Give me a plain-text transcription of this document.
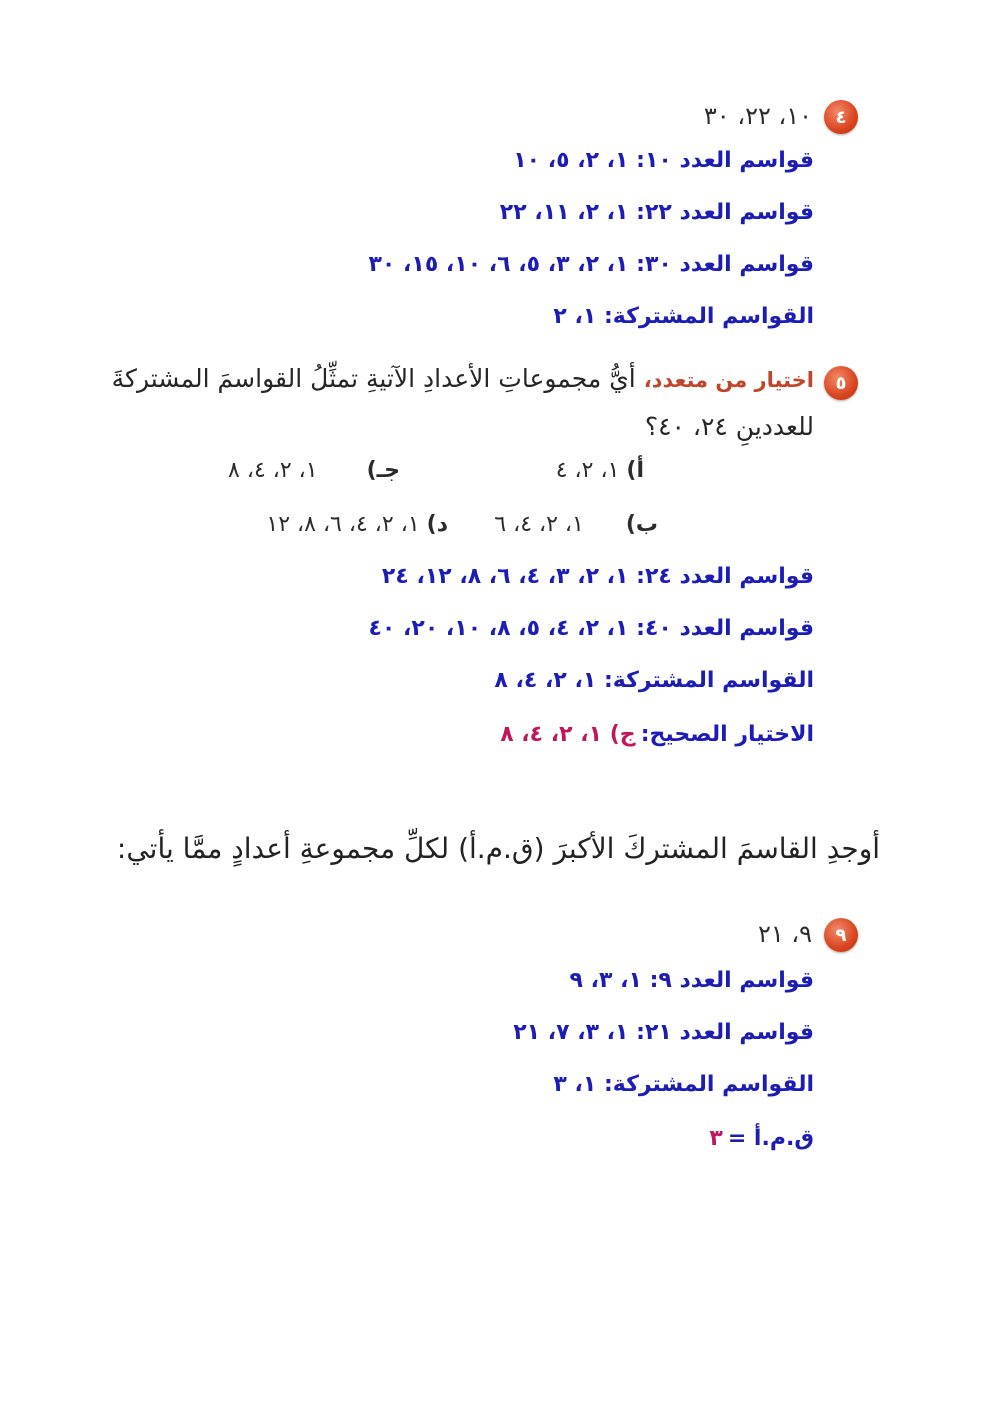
٤
١٠، ٢٢، ٣٠
قواسم العدد ١٠: ١، ٢، ٥، ١٠
قواسم العدد ٢٢: ١، ٢، ١١، ٢٢
قواسم العدد ٣٠: ١، ٢، ٣، ٥، ٦، ١٠، ١٥، ٣٠
القواسم المشتركة: ١، ٢
٥
اختيار من متعدد، أيُّ مجموعاتِ الأعدادِ الآتيةِ تمثِّلُ القواسمَ المشتركةَ
للعددينِ ٢٤، ٤٠؟
أ) ١، ٢، ٤
جـ)       ١، ٢، ٤، ٨
ب)      ١، ٢، ٤، ٦
د) ١، ٢، ٤، ٦، ٨، ١٢
قواسم العدد ٢٤: ١، ٢، ٣، ٤، ٦، ٨، ١٢، ٢٤
قواسم العدد ٤٠: ١، ٢، ٤، ٥، ٨، ١٠، ٢٠، ٤٠
القواسم المشتركة: ١، ٢، ٤، ٨
الاختيار الصحيح: ج) ١، ٢، ٤، ٨
أوجدِ القاسمَ المشتركَ الأكبرَ (ق.م.أ) لكلِّ مجموعةِ أعدادٍ ممَّا يأتي:
٩
٩، ٢١
قواسم العدد ٩: ١، ٣، ٩
قواسم العدد ٢١: ١، ٣، ٧، ٢١
القواسم المشتركة: ١، ٣
ق.م.أ = ٣
